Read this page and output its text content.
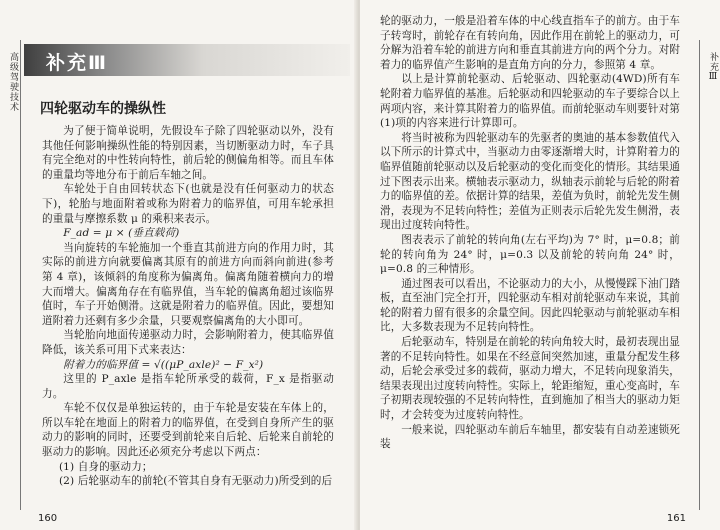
高级驾驶技术 补充Ⅲ
四轮驱动车的操纵性

为了便于简单说明，先假设车子除了四轮驱动以外，没有其他任何影响操纵性能的特别因素，当切断驱动力时，车子具有完全绝对的中性转向特性，前后轮的侧偏角相等。而且车体的重量均等地分布于前后车轴之间。

车轮处于自由回转状态下(也就是没有任何驱动力的状态下)，轮胎与地面附着或称为附着力的临界值，可用车轮承担的重量与摩擦系数 μ 的乘积来表示。

F_ad = μ × (垂直载荷)

当向旋转的车轮施加一个垂直其前进方向的作用力时，其实际的前进方向就要偏离其原有的前进方向而斜向前进(参考第 4 章)，该倾斜的角度称为偏离角。偏离角随着横向力的增大而增大。偏离角存在有临界值，当车轮的偏离角超过该临界值时，车子开始侧滑。这就是附着力的临界值。因此，要想知道附着力还剩有多少余量，只要观察偏离角的大小即可。

当轮胎向地面传递驱动力时，会影响附着力，使其临界值降低，该关系可用下式来表达：

附着力的临界值 = √((μP_axle)² − F_x²)

这里的 P_axle 是指车轮所承受的载荷，F_x 是指驱动力。

车轮不仅仅是单独运转的，由于车轮是安装在车体上的，所以车轮在地面上的附着力的临界值，在受到自身所产生的驱动力的影响的同时，还要受到前轮来自后轮、后轮来自前轮的驱动力的影响。因此还必须充分考虑以下两点：

(1) 自身的驱动力；

(2) 后轮驱动车的前轮(不管其自身有无驱动力)所受到的后

160
补充Ⅲ
161

轮的驱动力，一般是沿着车体的中心线直指车子的前方。由于车子转弯时，前轮存在有转向角，因此作用在前轮上的驱动力，可分解为沿着车轮的前进方向和垂直其前进方向的两个分力。对附着力的临界值产生影响的是直角方向的分力，参照第 4 章。

以上是计算前轮驱动、后轮驱动、四轮驱动(4WD)所有车轮附着力临界值的基准。后轮驱动和四轮驱动的车子要综合以上两项内容，来计算其附着力的临界值。而前轮驱动车则要针对第(1)项的内容来进行计算即可。

将当时被称为四轮驱动车的先驱者的奥迪的基本参数值代入以下所示的计算式中，当驱动力由零逐渐增大时，计算附着力的临界值随前轮驱动以及后轮驱动的变化而变化的情形。其结果通过下图表示出来。横轴表示驱动力，纵轴表示前轮与后轮的附着力的临界值的差。依据计算的结果，差值为负时，前轮先发生侧滑，表现为不足转向特性；差值为正则表示后轮先发生侧滑，表现出过度转向特性。

图表表示了前轮的转向角(左右平均)为 7° 时，μ=0.8；前轮的转向角为 24° 时，μ=0.3 以及前轮的转向角 24° 时，μ=0.8 的三种情形。

通过图表可以看出，不论驱动力的大小，从慢慢踩下油门踏板，直至油门完全打开，四轮驱动车相对前轮驱动车来说，其前轮的附着力留有很多的余量空间。因此四轮驱动与前轮驱动车相比，大多数表现为不足转向特性。

后轮驱动车，特别是在前轮的转向角较大时，最初表现出显著的不足转向特性。如果在不经意间突然加速，重量分配发生移动，后轮会承受过多的载荷，驱动力增大，不足转向现象消失，结果表现出过度转向特性。实际上，轮距缩短，重心变高时，车子初期表现较强的不足转向特性，直到施加了相当大的驱动力矩时，才会转变为过度转向特性。

一般来说，四轮驱动车前后车轴里，都安装有自动差速锁死装
